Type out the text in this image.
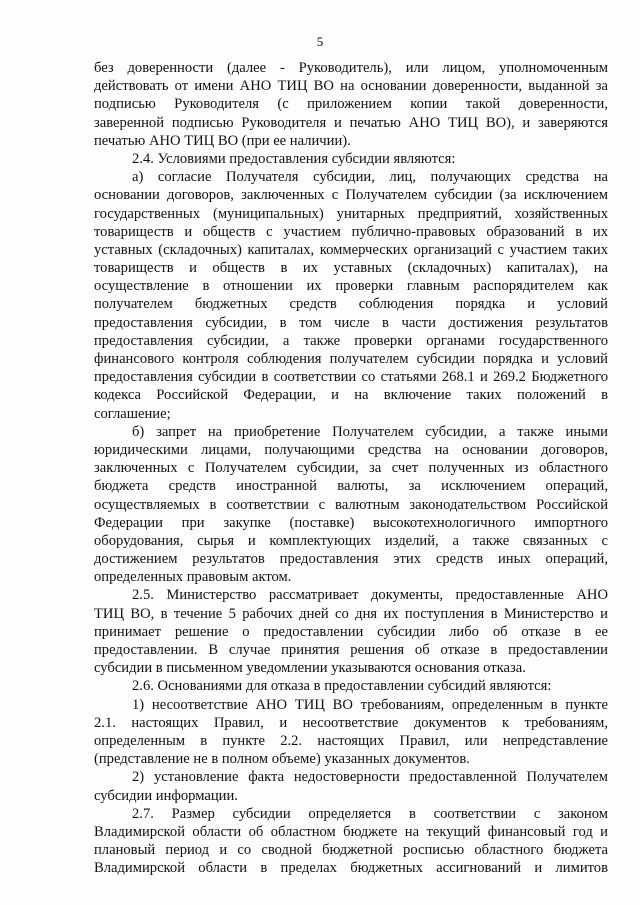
5
без доверенности (далее - Руководитель), или лицом, уполномоченным
действовать от имени АНО ТИЦ ВО на основании доверенности, выданной за
подписью Руководителя (с приложением копии такой доверенности,
заверенной подписью Руководителя и печатью АНО ТИЦ ВО), и заверяются
печатью АНО ТИЦ ВО (при ее наличии).
2.4. Условиями предоставления субсидии являются:
а) согласие Получателя субсидии, лиц, получающих средства на
основании договоров, заключенных с Получателем субсидии (за исключением
государственных (муниципальных) унитарных предприятий, хозяйственных
товариществ и обществ с участием публично-правовых образований в их
уставных (складочных) капиталах, коммерческих организаций с участием таких
товариществ и обществ в их уставных (складочных) капиталах), на
осуществление в отношении их проверки главным распорядителем как
получателем бюджетных средств соблюдения порядка и условий
предоставления субсидии, в том числе в части достижения результатов
предоставления субсидии, а также проверки органами государственного
финансового контроля соблюдения получателем субсидии порядка и условий
предоставления субсидии в соответствии со статьями 268.1 и 269.2 Бюджетного
кодекса Российской Федерации, и на включение таких положений в
соглашение;
б) запрет на приобретение Получателем субсидии, а также иными
юридическими лицами, получающими средства на основании договоров,
заключенных с Получателем субсидии, за счет полученных из областного
бюджета средств иностранной валюты, за исключением операций,
осуществляемых в соответствии с валютным законодательством Российской
Федерации при закупке (поставке) высокотехнологичного импортного
оборудования, сырья и комплектующих изделий, а также связанных с
достижением результатов предоставления этих средств иных операций,
определенных правовым актом.
2.5. Министерство рассматривает документы, предоставленные АНО
ТИЦ ВО, в течение 5 рабочих дней со дня их поступления в Министерство и
принимает решение о предоставлении субсидии либо об отказе в ее
предоставлении. В случае принятия решения об отказе в предоставлении
субсидии в письменном уведомлении указываются основания отказа.
2.6. Основаниями для отказа в предоставлении субсидий являются:
1) несоответствие АНО ТИЦ ВО требованиям, определенным в пункте
2.1. настоящих Правил, и несоответствие документов к требованиям,
определенным в пункте 2.2. настоящих Правил, или непредставление
(представление не в полном объеме) указанных документов.
2) установление факта недостоверности предоставленной Получателем
субсидии информации.
2.7. Размер субсидии определяется в соответствии с законом
Владимирской области об областном бюджете на текущий финансовый год и
плановый период и со сводной бюджетной росписью областного бюджета
Владимирской области в пределах бюджетных ассигнований и лимитов
